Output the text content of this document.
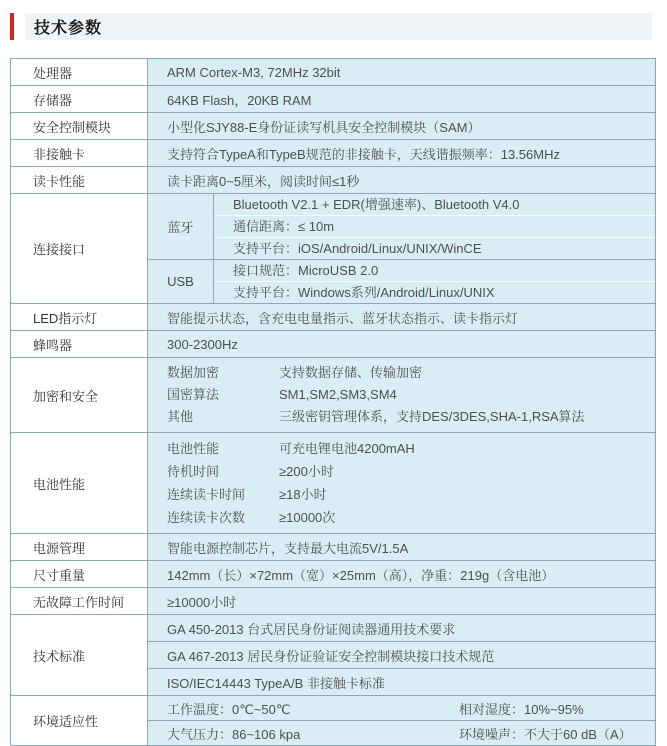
技术参数
处理器	ARM Cortex-M3, 72MHz 32bit	
存储器	64KB Flash，20KB RAM	
安全控制模块	小型化SJY88-E身份证读写机具安全控制模块（SAM）	
非接触卡	支持符合TypeA和TypeB规范的非接触卡，天线谐振频率：13.56MHz	
读卡性能	读卡距离0~5厘米，阅读时间≤1秒	
连接接口	蓝牙	Bluetooth V2.1 + EDR(增强速率)、Bluetooth V4.0
通信距离：≤ 10m
支持平台：iOS/Android/Linux/UNIX/WinCE

	USB	接口规范：MicroUSB 2.0
支持平台：Windows系列/Android/Linux/UNIX

LED指示灯	智能提示状态，含充电电量指示、蓝牙状态指示、读卡指示灯	
蜂鸣器	300-2300Hz	
加密和安全	
数据加密	支持数据存储、传输加密
国密算法	SM1,SM2,SM3,SM4
其他	三级密钥管理体系，支持DES/3DES,SHA-1,RSA算法

电池性能	
电池性能	可充电锂电池4200mAH
待机时间	≥200小时
连续读卡时间	≥18小时
连续读卡次数	≥10000次

电源管理	智能电源控制芯片，支持最大电流5V/1.5A	
尺寸重量	142mm（长）×72mm（宽）×25mm（高），净重：219g（含电池）	
无故障工作时间	≥10000小时	
技术标准	GA 450-2013 台式居民身份证阅读器通用技术要求	
	GA 467-2013 居民身份证验证安全控制模块接口技术规范	
	ISO/IEC14443 TypeA/B 非接触卡标准	
环境适应性	工作温度：0℃~50℃ 相对湿度：10%~95%	

	大气压力：86~106 kpa 环境噪声：不大于60 dB（A）	
